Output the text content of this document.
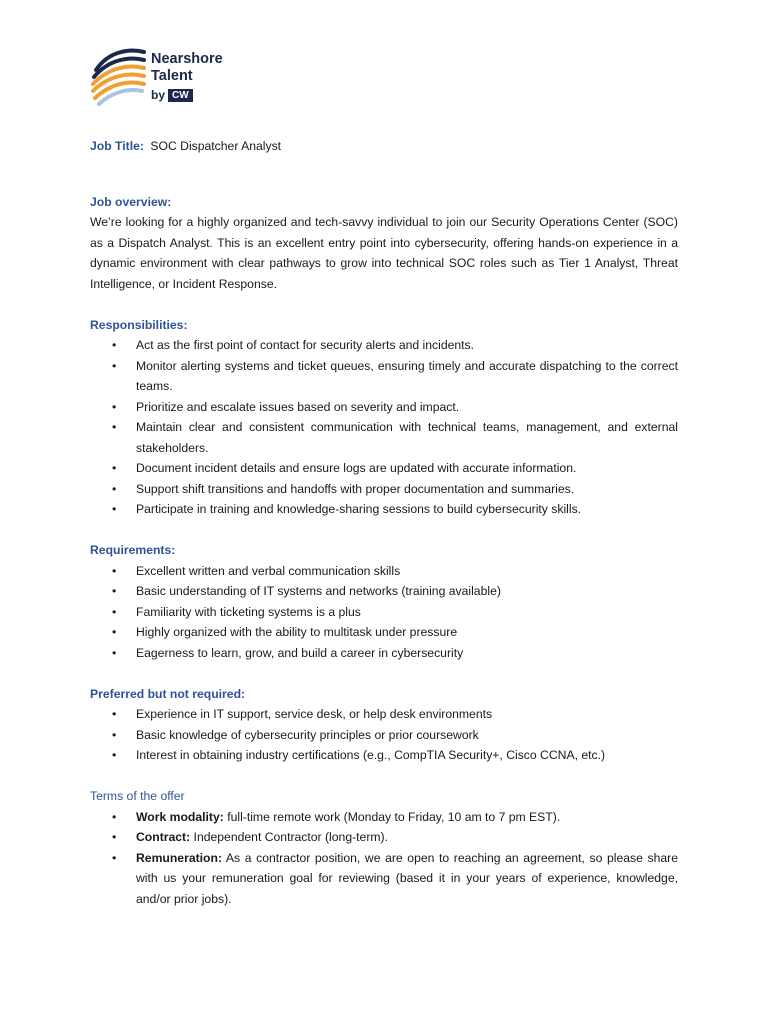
Nearshore
Talent
by CW

Job Title: SOC Dispatcher Analyst

Job overview:

We’re looking for a highly organized and tech-savvy individual to join our Security Operations Center (SOC) as a Dispatch Analyst. This is an excellent entry point into cybersecurity, offering hands-on experience in a dynamic environment with clear pathways to grow into technical SOC roles such as Tier 1 Analyst, Threat Intelligence, or Incident Response.

Responsibilities:
• Act as the first point of contact for security alerts and incidents.
• Monitor alerting systems and ticket queues, ensuring timely and accurate dispatching to the correct teams.
• Prioritize and escalate issues based on severity and impact.
• Maintain clear and consistent communication with technical teams, management, and external stakeholders.
• Document incident details and ensure logs are updated with accurate information.
• Support shift transitions and handoffs with proper documentation and summaries.
• Participate in training and knowledge-sharing sessions to build cybersecurity skills.
Requirements:
• Excellent written and verbal communication skills
• Basic understanding of IT systems and networks (training available)
• Familiarity with ticketing systems is a plus
• Highly organized with the ability to multitask under pressure
• Eagerness to learn, grow, and build a career in cybersecurity
Preferred but not required:
• Experience in IT support, service desk, or help desk environments
• Basic knowledge of cybersecurity principles or prior coursework
• Interest in obtaining industry certifications (e.g., CompTIA Security+, Cisco CCNA, etc.)
Terms of the offer
• Work modality: full-time remote work (Monday to Friday, 10 am to 7 pm EST).
• Contract: Independent Contractor (long-term).
• Remuneration: As a contractor position, we are open to reaching an agreement, so please share with us your remuneration goal for reviewing (based it in your years of experience, knowledge, and/or prior jobs).
